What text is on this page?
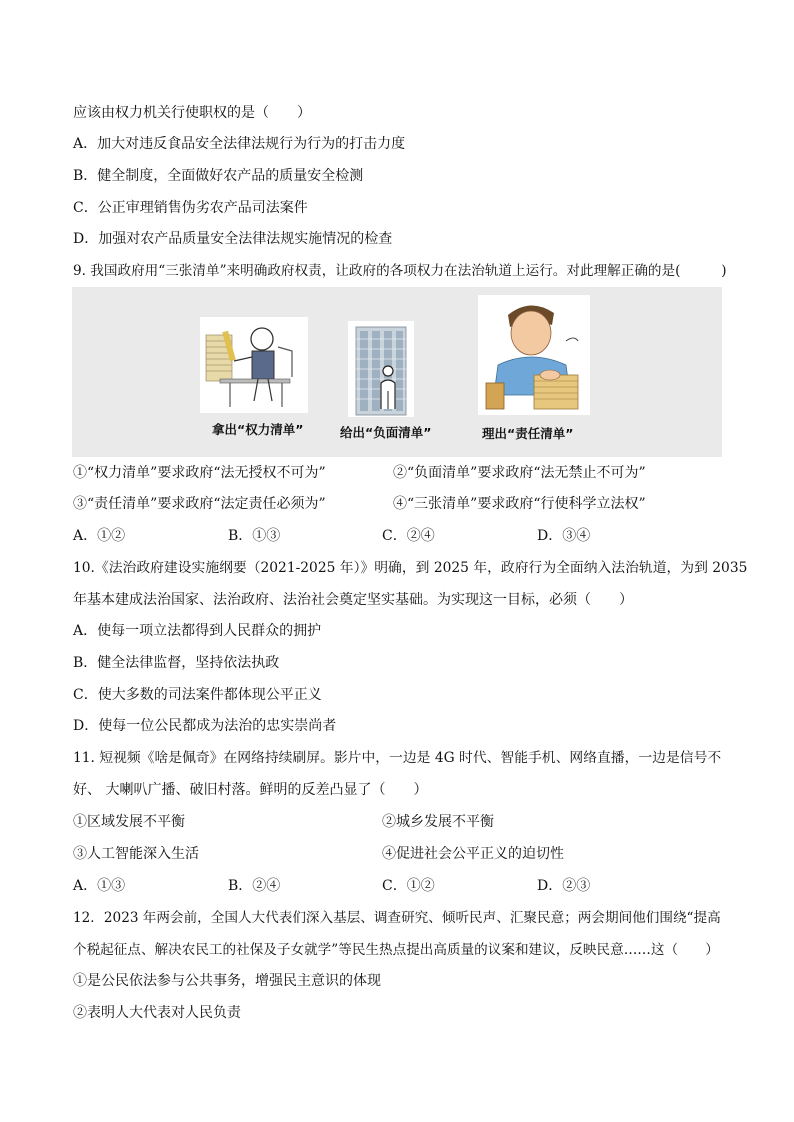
应该由权力机关行使职权的是（　　）
A．加大对违反食品安全法律法规行为行为的打击力度
B．健全制度，全面做好农产品的质量安全检测
C．公正审理销售伪劣农产品司法案件
D．加强对农产品质量安全法律法规实施情况的检查
9. 我国政府用“三张清单”来明确政府权责，让政府的各项权力在法治轨道上运行。对此理解正确的是(　　　)
拿出“权力清单”	给出“负面清单”	理出“责任清单”
①“权力清单”要求政府“法无授权不可为”	②“负面清单”要求政府“法无禁止不可为”
③“责任清单”要求政府“法定责任必须为”	④“三张清单”要求政府“行使科学立法权”
A．①②	B．①③	C．②④	D．③④
10.《法治政府建设实施纲要（2021-2025 年）》明确，到 2025 年，政府行为全面纳入法治轨道，为到 2035
年基本建成法治国家、法治政府、法治社会奠定坚实基础。为实现这一目标，必须（　　）
A．使每一项立法都得到人民群众的拥护
B．健全法律监督，坚持依法执政
C．使大多数的司法案件都体现公平正义
D．使每一位公民都成为法治的忠实崇尚者
11. 短视频《啥是佩奇》在网络持续刷屏。影片中，一边是 4G 时代、智能手机、网络直播，一边是信号不
好、 大喇叭广播、破旧村落。鲜明的反差凸显了（　　）
①区域发展不平衡	②城乡发展不平衡
③人工智能深入生活	④促进社会公平正义的迫切性
A．①③	B．②④	C．①②	D．②③
12．2023 年两会前，全国人大代表们深入基层、调查研究、倾听民声、汇聚民意；两会期间他们围绕“提高
个税起征点、解决农民工的社保及子女就学”等民生热点提出高质量的议案和建议，反映民意……这（　　）
①是公民依法参与公共事务，增强民主意识的体现
②表明人大代表对人民负责
